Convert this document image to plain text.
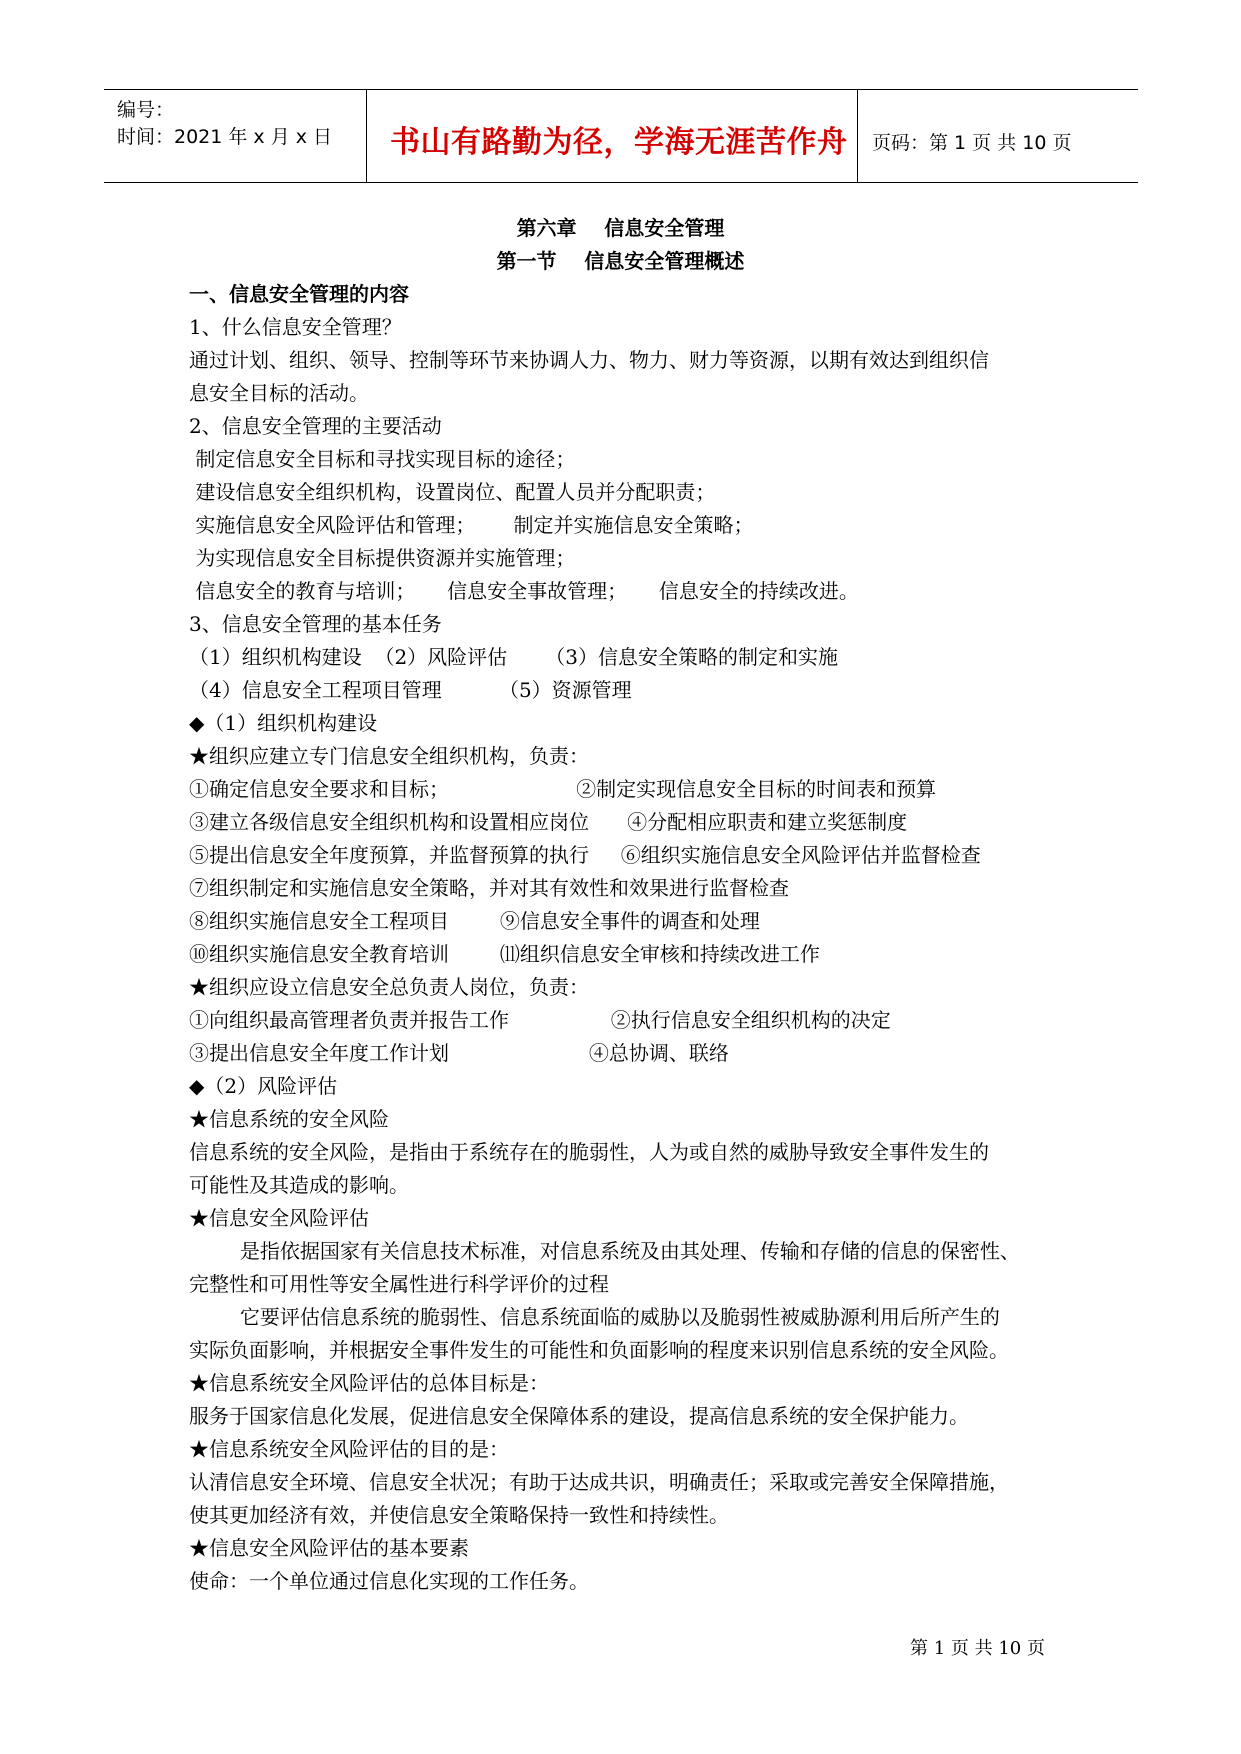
编号：
时间：2021 年 x 月 x 日 书山有路勤为径，学海无涯苦作舟 页码：第 1 页 共 10 页
第六章    信息安全管理
第一节    信息安全管理概述
一、信息安全管理的内容
1、什么信息安全管理？
通过计划、组织、领导、控制等环节来协调人力、物力、财力等资源，以期有效达到组织信
息安全目标的活动。
2、信息安全管理的主要活动
制定信息安全目标和寻找实现目标的途径；
建设信息安全组织机构，设置岗位、配置人员并分配职责；
实施信息安全风险评估和管理；      制定并实施信息安全策略；
为实现信息安全目标提供资源并实施管理；
信息安全的教育与培训；     信息安全事故管理；     信息安全的持续改进。
3、信息安全管理的基本任务
（1）组织机构建设  （2）风险评估      （3）信息安全策略的制定和实施
（4）信息安全工程项目管理         （5）资源管理
◆（1）组织机构建设
★组织应建立专门信息安全组织机构，负责：
①确定信息安全要求和目标；                    ②制定实现信息安全目标的时间表和预算
③建立各级信息安全组织机构和设置相应岗位      ④分配相应职责和建立奖惩制度
⑤提出信息安全年度预算，并监督预算的执行     ⑥组织实施信息安全风险评估并监督检查
⑦组织制定和实施信息安全策略，并对其有效性和效果进行监督检查
⑧组织实施信息安全工程项目        ⑨信息安全事件的调查和处理
⑩组织实施信息安全教育培训        ⑾组织信息安全审核和持续改进工作
★组织应设立信息安全总负责人岗位，负责：
①向组织最高管理者负责并报告工作                ②执行信息安全组织机构的决定
③提出信息安全年度工作计划                      ④总协调、联络
◆（2）风险评估
★信息系统的安全风险
信息系统的安全风险，是指由于系统存在的脆弱性，人为或自然的威胁导致安全事件发生的
可能性及其造成的影响。
★信息安全风险评估
是指依据国家有关信息技术标准，对信息系统及由其处理、传输和存储的信息的保密性、
完整性和可用性等安全属性进行科学评价的过程
它要评估信息系统的脆弱性、信息系统面临的威胁以及脆弱性被威胁源利用后所产生的
实际负面影响，并根据安全事件发生的可能性和负面影响的程度来识别信息系统的安全风险。
★信息系统安全风险评估的总体目标是：
服务于国家信息化发展，促进信息安全保障体系的建设，提高信息系统的安全保护能力。
★信息系统安全风险评估的目的是：
认清信息安全环境、信息安全状况；有助于达成共识，明确责任；采取或完善安全保障措施，
使其更加经济有效，并使信息安全策略保持一致性和持续性。
★信息安全风险评估的基本要素
使命：一个单位通过信息化实现的工作任务。
第 1 页 共 10 页
